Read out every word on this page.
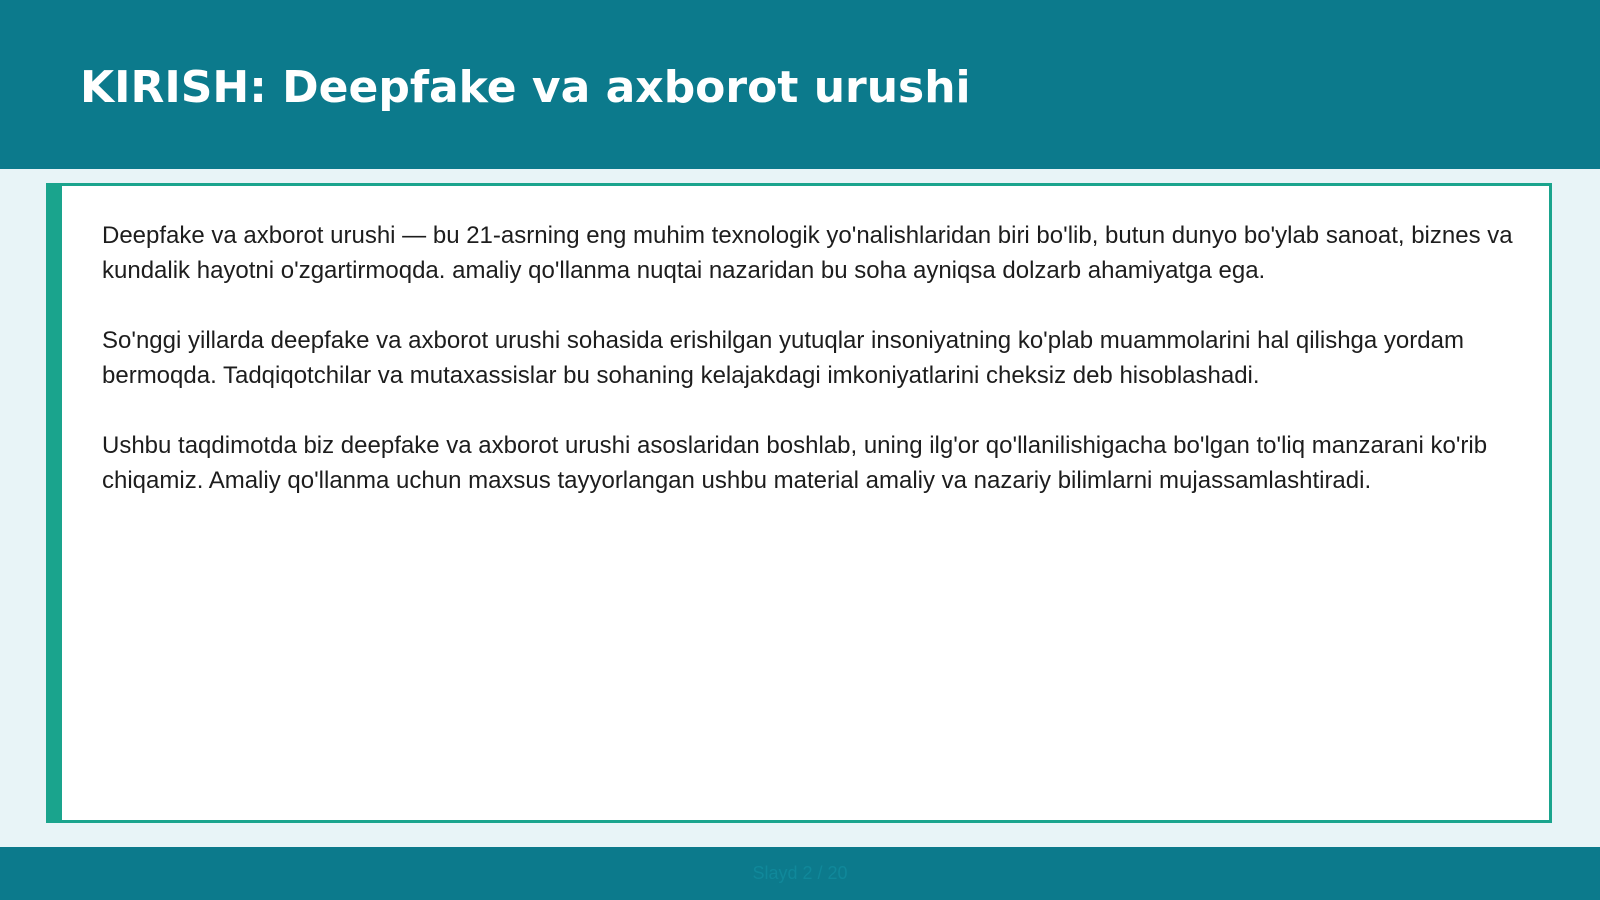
KIRISH: Deepfake va axborot urushi

Deepfake va axborot urushi — bu 21-asrning eng muhim texnologik yo'nalishlaridan biri bo'lib, butun dunyo bo'ylab sanoat, biznes va kundalik hayotni o'zgartirmoqda. amaliy qo'llanma nuqtai nazaridan bu soha ayniqsa dolzarb ahamiyatga ega.

So'nggi yillarda deepfake va axborot urushi sohasida erishilgan yutuqlar insoniyatning ko'plab muammolarini hal qilishga yordam bermoqda. Tadqiqotchilar va mutaxassislar bu sohaning kelajakdagi imkoniyatlarini cheksiz deb hisoblashadi.

Ushbu taqdimotda biz deepfake va axborot urushi asoslaridan boshlab, uning ilg'or qo'llanilishigacha bo'lgan to'liq manzarani ko'rib chiqamiz. Amaliy qo'llanma uchun maxsus tayyorlangan ushbu material amaliy va nazariy bilimlarni mujassamlashtiradi.

Slayd 2 / 20
